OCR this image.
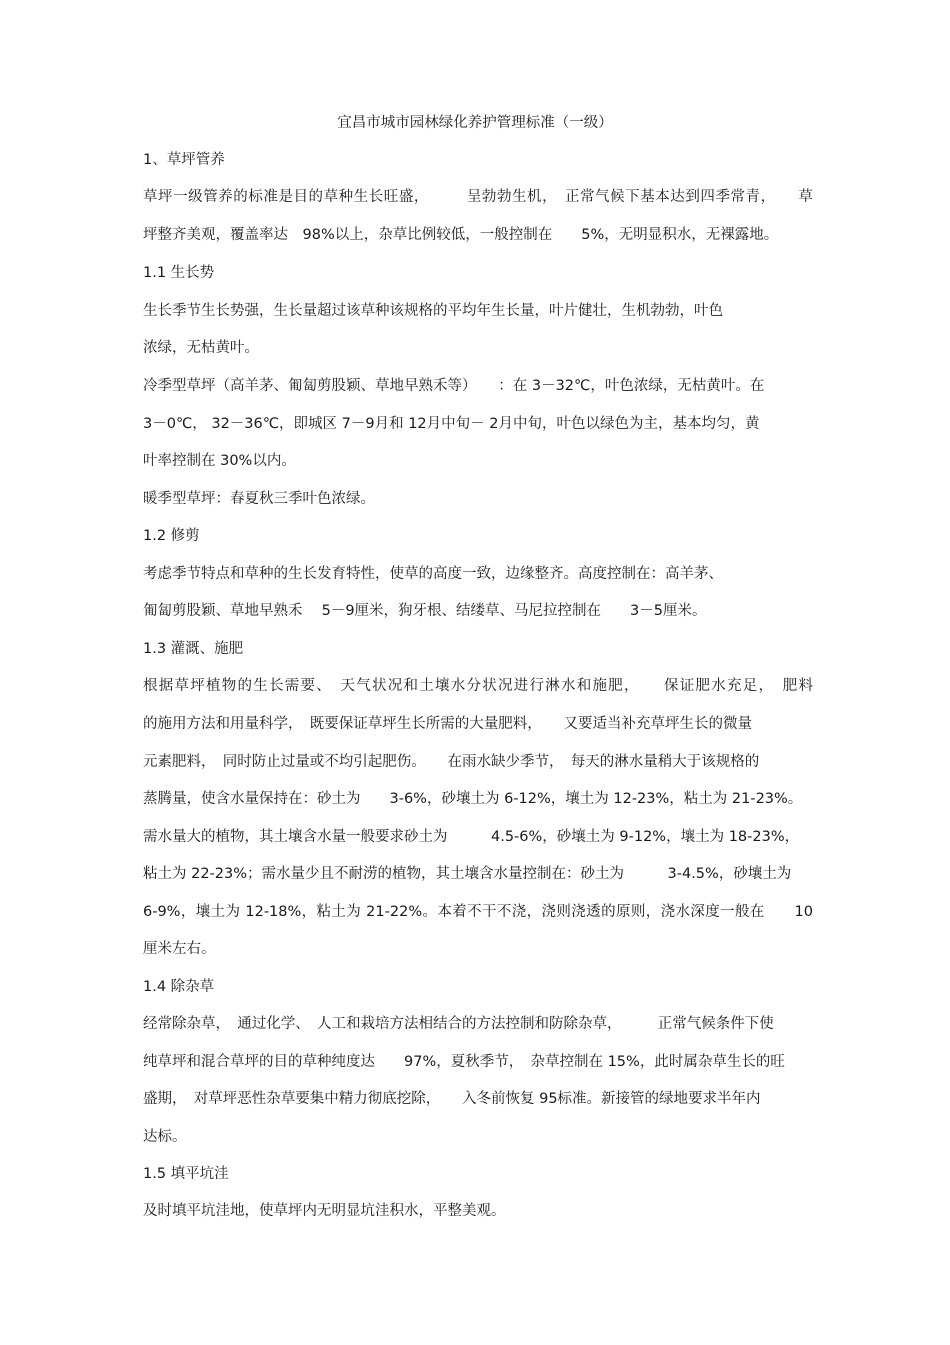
宜昌市城市园林绿化养护管理标准（一级）
1、草坪管养
草坪一级管养的标准是目的草种生长旺盛，　　　呈勃勃生机，　正常气候下基本达到四季常青，　　草
坪整齐美观，覆盖率达　98%以上，杂草比例较低，一般控制在　　5%，无明显积水，无裸露地。
1.1 生长势
生长季节生长势强，生长量超过该草种该规格的平均年生长量，叶片健壮，生机勃勃，叶色
浓绿，无枯黄叶。
冷季型草坪（高羊茅、匍匐剪股颖、草地早熟禾等）　　：在 3－32℃，叶色浓绿，无枯黄叶。在
3－0℃， 32－36℃，即城区 7－9月和 12月中旬－ 2月中旬，叶色以绿色为主，基本均匀，黄
叶率控制在 30%以内。
暖季型草坪：春夏秋三季叶色浓绿。
1.2 修剪
考虑季节特点和草种的生长发育特性，使草的高度一致，边缘整齐。高度控制在：高羊茅、
匍匐剪股颖、草地早熟禾　 5－9厘米，狗牙根、结缕草、马尼拉控制在　　3－5厘米。
1.3 灌溉、施肥
根据草坪植物的生长需要、　天气状况和土壤水分状况进行淋水和施肥，　　保证肥水充足，　肥料
的施用方法和用量科学，　既要保证草坪生长所需的大量肥料，　　又要适当补充草坪生长的微量
元素肥料，　同时防止过量或不均引起肥伤。　　在雨水缺少季节，　每天的淋水量稍大于该规格的
蒸腾量，使含水量保持在：砂土为　　3-6%，砂壤土为 6-12%，壤土为 12-23%，粘土为 21-23%。
需水量大的植物，其土壤含水量一般要求砂土为　　　4.5-6%，砂壤土为 9-12%，壤土为 18-23%，
粘土为 22-23%；需水量少且不耐涝的植物，其土壤含水量控制在：砂土为　　　3-4.5%，砂壤土为
6-9%，壤土为 12-18%，粘土为 21-22%。本着不干不浇，浇则浇透的原则，浇水深度一般在　　10
厘米左右。
1.4 除杂草
经常除杂草，　通过化学、　人工和栽培方法相结合的方法控制和防除杂草，　　　正常气候条件下使
纯草坪和混合草坪的目的草种纯度达　　97%，夏秋季节，　杂草控制在 15%，此时属杂草生长的旺
盛期，　对草坪恶性杂草要集中精力彻底挖除，　　入冬前恢复 95标准。新接管的绿地要求半年内
达标。
1.5 填平坑洼
及时填平坑洼地，使草坪内无明显坑洼积水，平整美观。
